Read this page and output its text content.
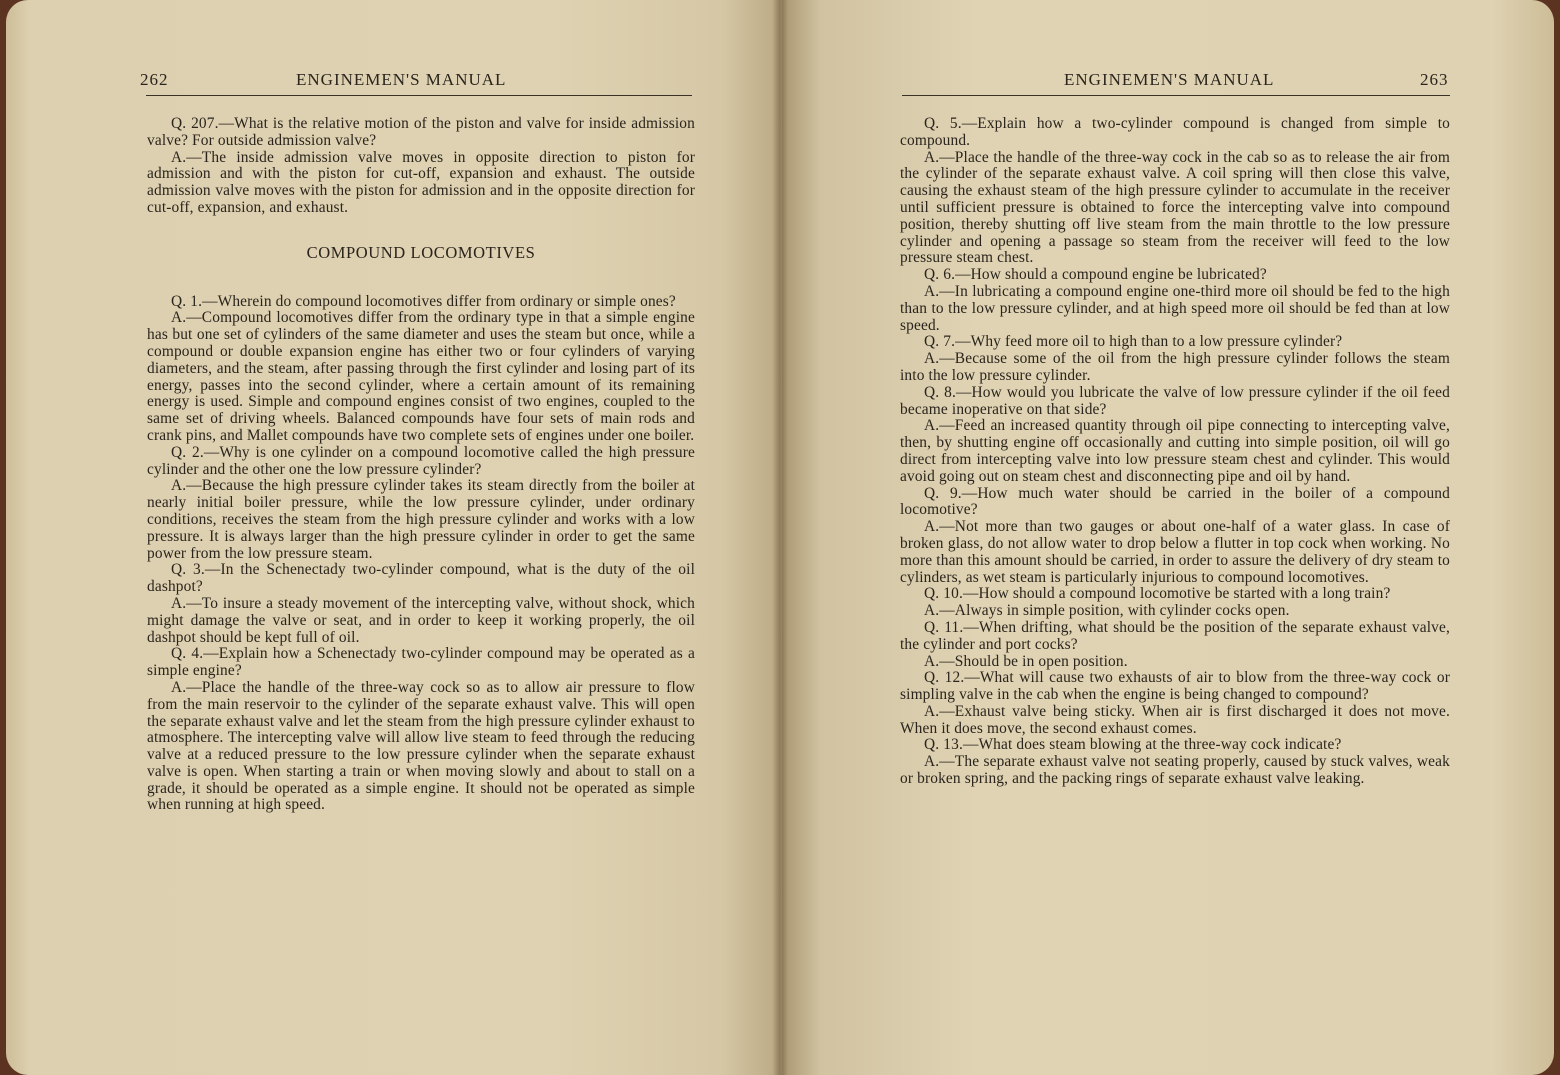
262	ENGINEMEN'S MANUAL

Q. 207.—What is the relative motion of the piston and valve for inside admission valve? For outside admission valve?

A.—The inside admission valve moves in opposite direction to piston for admission and with the piston for cut-off, expansion and exhaust. The outside admission valve moves with the piston for admission and in the opposite direction for cut-off, expansion, and exhaust.

COMPOUND LOCOMOTIVES

Q. 1.—Wherein do compound locomotives differ from ordinary or simple ones?

A.—Compound locomotives differ from the ordinary type in that a simple engine has but one set of cylinders of the same diameter and uses the steam but once, while a compound or double expansion engine has either two or four cylinders of varying diameters, and the steam, after passing through the first cylinder and losing part of its energy, passes into the second cylinder, where a certain amount of its remaining energy is used. Simple and compound engines consist of two engines, coupled to the same set of driving wheels. Balanced compounds have four sets of main rods and crank pins, and Mallet compounds have two complete sets of engines under one boiler.

Q. 2.—Why is one cylinder on a compound locomotive called the high pressure cylinder and the other one the low pressure cylinder?

A.—Because the high pressure cylinder takes its steam directly from the boiler at nearly initial boiler pressure, while the low pressure cylinder, under ordinary conditions, receives the steam from the high pressure cylinder and works with a low pressure. It is always larger than the high pressure cylinder in order to get the same power from the low pressure steam.

Q. 3.—In the Schenectady two-cylinder compound, what is the duty of the oil dashpot?

A.—To insure a steady movement of the intercepting valve, without shock, which might damage the valve or seat, and in order to keep it working properly, the oil dashpot should be kept full of oil.

Q. 4.—Explain how a Schenectady two-cylinder compound may be operated as a simple engine?

A.—Place the handle of the three-way cock so as to allow air pressure to flow from the main reservoir to the cylinder of the separate exhaust valve. This will open the separate exhaust valve and let the steam from the high pressure cylinder exhaust to atmosphere. The intercepting valve will allow live steam to feed through the reducing valve at a reduced pressure to the low pressure cylinder when the separate exhaust valve is open. When starting a train or when moving slowly and about to stall on a grade, it should be operated as a simple engine. It should not be operated as simple when running at high speed.

ENGINEMEN'S MANUAL	263

Q. 5.—Explain how a two-cylinder compound is changed from simple to compound.

A.—Place the handle of the three-way cock in the cab so as to release the air from the cylinder of the separate exhaust valve. A coil spring will then close this valve, causing the exhaust steam of the high pressure cylinder to accumulate in the receiver until sufficient pressure is obtained to force the intercepting valve into compound position, thereby shutting off live steam from the main throttle to the low pressure cylinder and opening a passage so steam from the receiver will feed to the low pressure steam chest.

Q. 6.—How should a compound engine be lubricated?

A.—In lubricating a compound engine one-third more oil should be fed to the high than to the low pressure cylinder, and at high speed more oil should be fed than at low speed.

Q. 7.—Why feed more oil to high than to a low pressure cylinder?

A.—Because some of the oil from the high pressure cylinder follows the steam into the low pressure cylinder.

Q. 8.—How would you lubricate the valve of low pressure cylinder if the oil feed became inoperative on that side?

A.—Feed an increased quantity through oil pipe connecting to intercepting valve, then, by shutting engine off occasionally and cutting into simple position, oil will go direct from intercepting valve into low pressure steam chest and cylinder. This would avoid going out on steam chest and disconnecting pipe and oil by hand.

Q. 9.—How much water should be carried in the boiler of a compound locomotive?

A.—Not more than two gauges or about one-half of a water glass. In case of broken glass, do not allow water to drop below a flutter in top cock when working. No more than this amount should be carried, in order to assure the delivery of dry steam to cylinders, as wet steam is particularly injurious to compound locomotives.

Q. 10.—How should a compound locomotive be started with a long train?

A.—Always in simple position, with cylinder cocks open.

Q. 11.—When drifting, what should be the position of the separate exhaust valve, the cylinder and port cocks?

A.—Should be in open position.

Q. 12.—What will cause two exhausts of air to blow from the three-way cock or simpling valve in the cab when the engine is being changed to compound?

A.—Exhaust valve being sticky. When air is first discharged it does not move. When it does move, the second exhaust comes.

Q. 13.—What does steam blowing at the three-way cock indicate?

A.—The separate exhaust valve not seating properly, caused by stuck valves, weak or broken spring, and the packing rings of separate exhaust valve leaking.
